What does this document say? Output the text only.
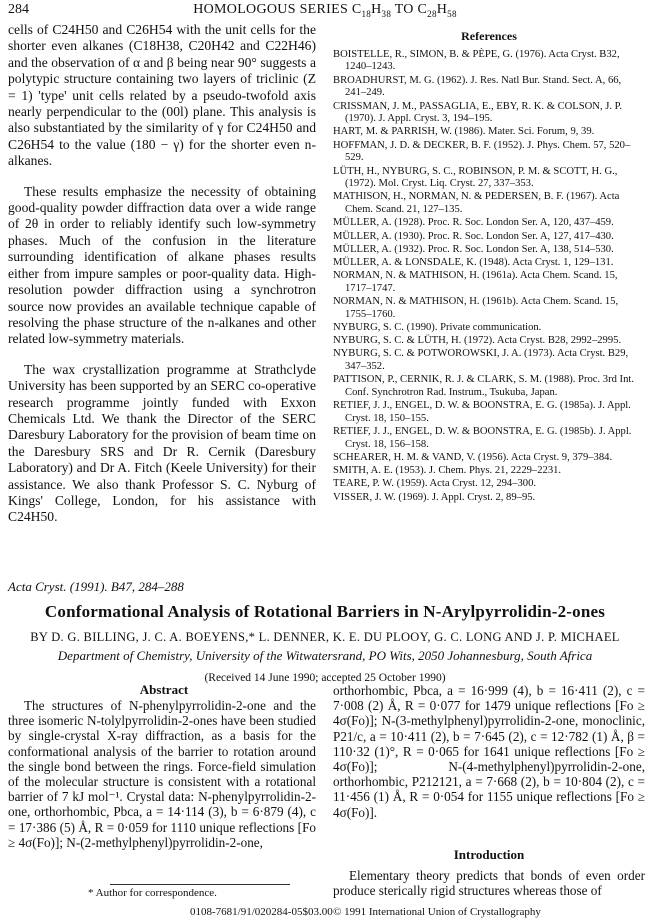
284	HOMOLOGOUS SERIES $C_{18}H_{38}$ TO $C_{28}H_{58}$

cells of C24H50 and C26H54 with the unit cells for the shorter even alkanes (C18H38, C20H42 and C22H46) and the observation of α and β being near 90° suggests a polytypic structure containing two layers of triclinic (Z = 1) 'type' unit cells related by a pseudo-twofold axis nearly perpendicular to the (00l) plane. This analysis is also substantiated by the similarity of γ for C24H50 and C26H54 to the value (180 − γ) for the shorter even n-alkanes.

These results emphasize the necessity of obtaining good-quality powder diffraction data over a wide range of 2θ in order to reliably identify such low-symmetry phases. Much of the confusion in the literature surrounding identification of alkane phases results either from impure samples or poor-quality data. High-resolution powder diffraction using a synchrotron source now provides an available technique capable of resolving the phase structure of the n-alkanes and other related low-symmetry materials.

The wax crystallization programme at Strathclyde University has been supported by an SERC co-operative research programme jointly funded with Exxon Chemicals Ltd. We thank the Director of the SERC Daresbury Laboratory for the provision of beam time on the Daresbury SRS and Dr R. Cernik (Daresbury Laboratory) and Dr A. Fitch (Keele University) for their assistance. We also thank Professor S. C. Nyburg of Kings' College, London, for his assistance with C24H50.

References
BOISTELLE, R., SIMON, B. & PÈPE, G. (1976). Acta Cryst. B32, 1240–1243.
BROADHURST, M. G. (1962). J. Res. Natl Bur. Stand. Sect. A, 66, 241–249.
CRISSMAN, J. M., PASSAGLIA, E., EBY, R. K. & COLSON, J. P. (1970). J. Appl. Cryst. 3, 194–195.
HART, M. & PARRISH, W. (1986). Mater. Sci. Forum, 9, 39.
HOFFMAN, J. D. & DECKER, B. F. (1952). J. Phys. Chem. 57, 520–529.
LÜTH, H., NYBURG, S. C., ROBINSON, P. M. & SCOTT, H. G., (1972). Mol. Cryst. Liq. Cryst. 27, 337–353.
MATHISON, H., NORMAN, N. & PEDERSEN, B. F. (1967). Acta Chem. Scand. 21, 127–135.
MÜLLER, A. (1928). Proc. R. Soc. London Ser. A, 120, 437–459.
MÜLLER, A. (1930). Proc. R. Soc. London Ser. A, 127, 417–430.
MÜLLER, A. (1932). Proc. R. Soc. London Ser. A, 138, 514–530.
MÜLLER, A. & LONSDALE, K. (1948). Acta Cryst. 1, 129–131.
NORMAN, N. & MATHISON, H. (1961a). Acta Chem. Scand. 15, 1717–1747.
NORMAN, N. & MATHISON, H. (1961b). Acta Chem. Scand. 15, 1755–1760.
NYBURG, S. C. (1990). Private communication.
NYBURG, S. C. & LÜTH, H. (1972). Acta Cryst. B28, 2992–2995.
NYBURG, S. C. & POTWOROWSKI, J. A. (1973). Acta Cryst. B29, 347–352.
PATTISON, P., CERNIK, R. J. & CLARK, S. M. (1988). Proc. 3rd Int. Conf. Synchrotron Rad. Instrum., Tsukuba, Japan.
RETIEF, J. J., ENGEL, D. W. & BOONSTRA, E. G. (1985a). J. Appl. Cryst. 18, 150–155.
RETIEF, J. J., ENGEL, D. W. & BOONSTRA, E. G. (1985b). J. Appl. Cryst. 18, 156–158.
SCHEARER, H. M. & VAND, V. (1956). Acta Cryst. 9, 379–384.
SMITH, A. E. (1953). J. Chem. Phys. 21, 2229–2231.
TEARE, P. W. (1959). Acta Cryst. 12, 294–300.
VISSER, J. W. (1969). J. Appl. Cryst. 2, 89–95.
Acta Cryst. (1991). B47, 284–288
Conformational Analysis of Rotational Barriers in N-Arylpyrrolidin-2-ones
BY D. G. BILLING, J. C. A. BOEYENS,* L. DENNER, K. E. DU PLOOY, G. C. LONG AND J. P. MICHAEL
Department of Chemistry, University of the Witwatersrand, PO Wits, 2050 Johannesburg, South Africa
(Received 14 June 1990; accepted 25 October 1990)
Abstract

The structures of N-phenylpyrrolidin-2-one and the three isomeric N-tolylpyrrolidin-2-ones have been studied by single-crystal X-ray diffraction, as a basis for the conformational analysis of the barrier to rotation around the single bond between the rings. Force-field simulation of the molecular structure is consistent with a rotational barrier of 7 kJ mol⁻¹. Crystal data: N-phenylpyrrolidin-2-one, orthorhombic, Pbca, a = 14·114 (3), b = 6·879 (4), c = 17·386 (5) Å, R = 0·059 for 1110 unique reflections [Fo ≥ 4σ(Fo)]; N-(2-methylphenyl)pyrrolidin-2-one,

orthorhombic, Pbca, a = 16·999 (4), b = 16·411 (2), c = 7·008 (2) Å, R = 0·077 for 1479 unique reflections [Fo ≥ 4σ(Fo)]; N-(3-methylphenyl)pyrrolidin-2-one, monoclinic, P21/c, a = 10·411 (2), b = 7·645 (2), c = 12·782 (1) Å, β = 110·32 (1)°, R = 0·065 for 1641 unique reflections [Fo ≥ 4σ(Fo)]; N-(4-methylphenyl)pyrrolidin-2-one, orthorhombic, P212121, a = 7·668 (2), b = 10·804 (2), c = 11·456 (1) Å, R = 0·054 for 1155 unique reflections [Fo ≥ 4σ(Fo)].
Introduction

Elementary theory predicts that bonds of even order produce sterically rigid structures whereas those of

* Author for correspondence.
0108-7681/91/020284-05$03.00 © 1991 International Union of Crystallography
